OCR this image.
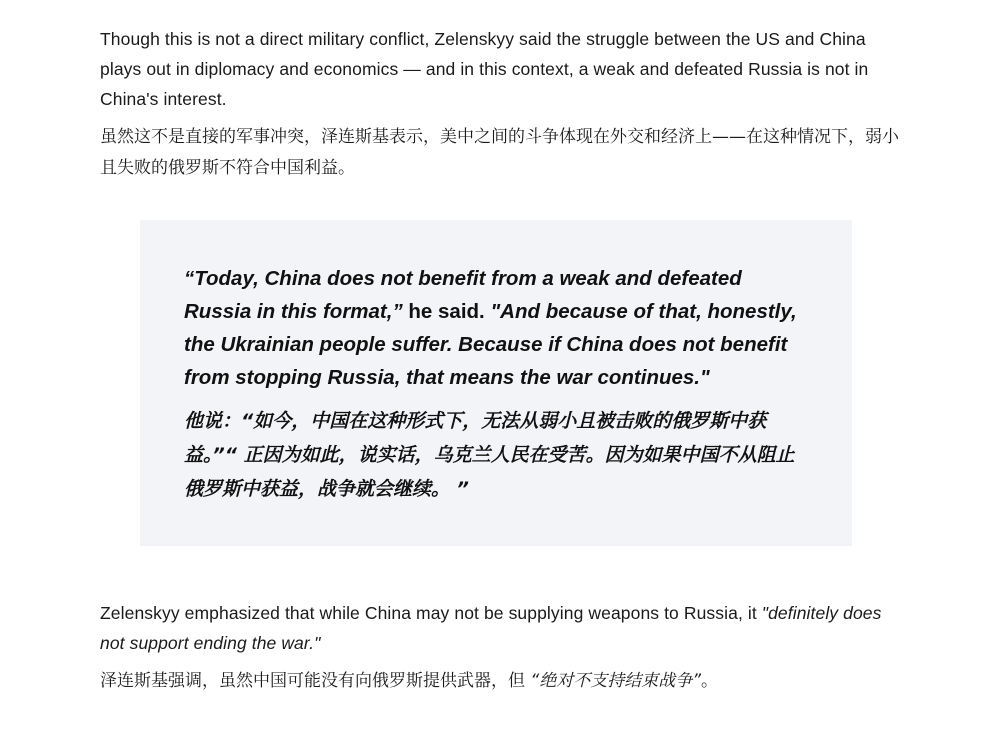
Though this is not a direct military conflict, Zelenskyy said the struggle between the US and China plays out in diplomacy and economics — and in this context, a weak and defeated Russia is not in China's interest.

虽然这不是直接的军事冲突，泽连斯基表示，美中之间的斗争体现在外交和经济上——在这种情况下，弱小且失败的俄罗斯不符合中国利益。

“Today, China does not benefit from a weak and defeated Russia in this format,” he said. "And because of that, honestly, the Ukrainian people suffer. Because if China does not benefit from stopping Russia, that means the war continues."

他说：“如今，中国在这种形式下，无法从弱小且被击败的俄罗斯中获益。”“ 正因为如此，说实话，乌克兰人民在受苦。因为如果中国不从阻止俄罗斯中获益，战争就会继续。 ”

Zelenskyy emphasized that while China may not be supplying weapons to Russia, it "definitely does not support ending the war."

泽连斯基强调，虽然中国可能没有向俄罗斯提供武器，但 “绝对不支持结束战争”。
